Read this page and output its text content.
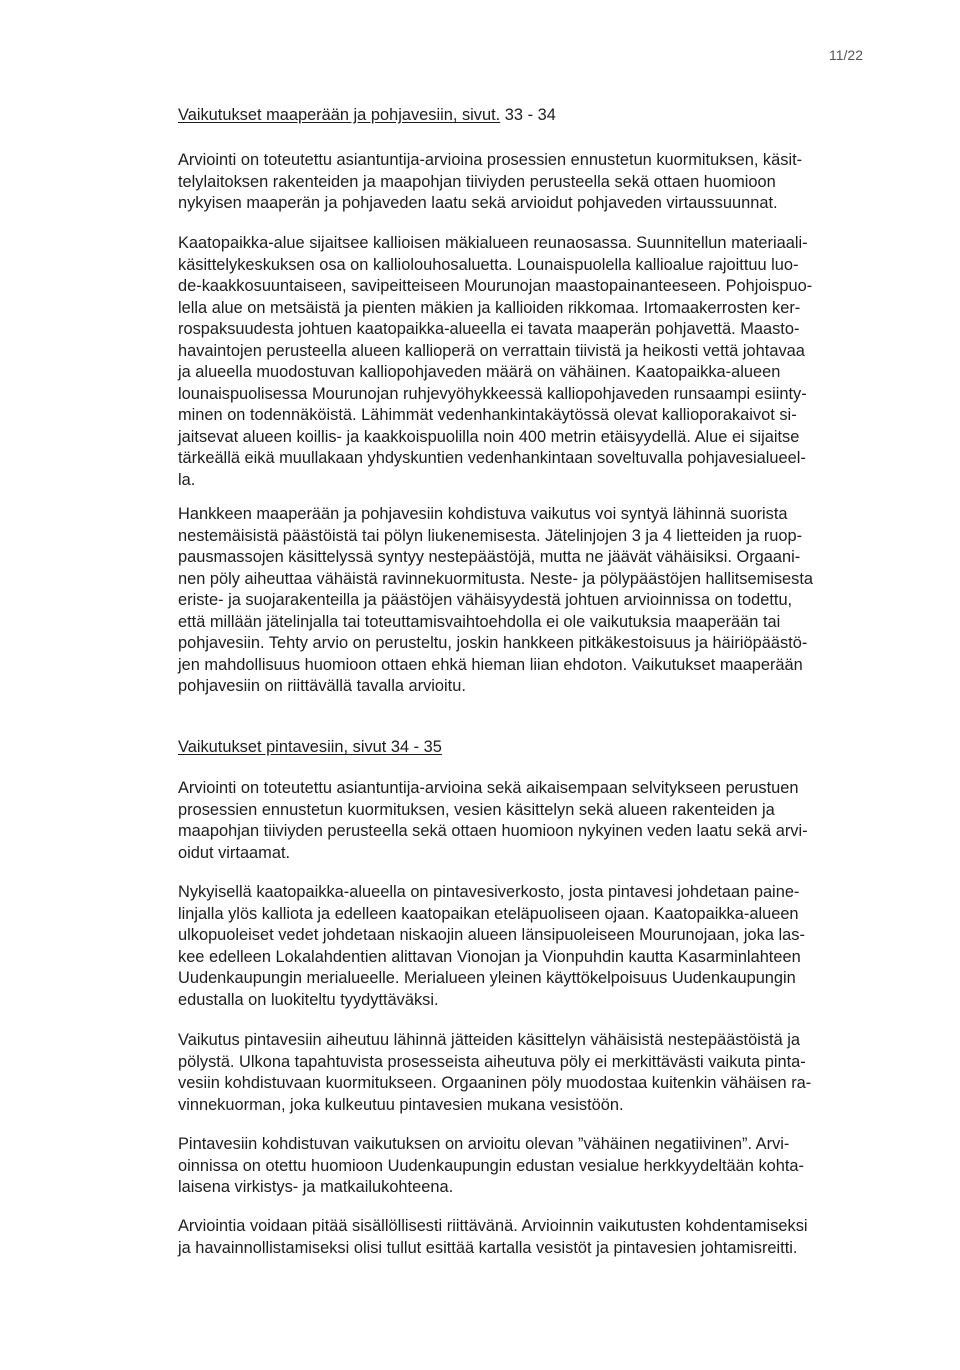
11/22

Vaikutukset maaperään ja pohjavesiin, sivut. 33 - 34

Arviointi on toteutettu asiantuntija-arvioina prosessien ennustetun kuormituksen, käsit-
telylaitoksen rakenteiden ja maapohjan tiiviyden perusteella sekä ottaen huomioon
nykyisen maaperän ja pohjaveden laatu sekä arvioidut pohjaveden virtaussuunnat.

Kaatopaikka-alue sijaitsee kallioisen mäkialueen reunaosassa. Suunnitellun materiaali-
käsittelykeskuksen osa on kalliolouhosaluetta. Lounaispuolella kallioalue rajoittuu luo-
de-kaakkosuuntaiseen, savipeitteiseen Mourunojan maastopainanteeseen. Pohjoispuo-
lella alue on metsäistä ja pienten mäkien ja kallioiden rikkomaa. Irtomaakerrosten ker-
rospaksuudesta johtuen kaatopaikka-alueella ei tavata maaperän pohjavettä. Maasto-
havaintojen perusteella alueen kallioperä on verrattain tiivistä ja heikosti vettä johtavaa
ja alueella muodostuvan kalliopohjaveden määrä on vähäinen. Kaatopaikka-alueen
lounaispuolisessa Mourunojan ruhjevyöhykkeessä kalliopohjaveden runsaampi esiinty-
minen on todennäköistä. Lähimmät vedenhankintakäytössä olevat kallioporakaivot si-
jaitsevat alueen koillis- ja kaakkoispuolilla noin 400 metrin etäisyydellä. Alue ei sijaitse
tärkeällä eikä muullakaan yhdyskuntien vedenhankintaan soveltuvalla pohjavesialueel-
la.

Hankkeen maaperään ja pohjavesiin kohdistuva vaikutus voi syntyä lähinnä suorista
nestemäisistä päästöistä tai pölyn liukenemisesta. Jätelinjojen 3 ja 4 lietteiden ja ruop-
pausmassojen käsittelyssä syntyy nestepäästöjä, mutta ne jäävät vähäisiksi. Orgaani-
nen pöly aiheuttaa vähäistä ravinnekuormitusta. Neste- ja pölypäästöjen hallitsemisesta
eriste- ja suojarakenteilla ja päästöjen vähäisyydestä johtuen arvioinnissa on todettu,
että millään jätelinjalla tai toteuttamisvaihtoehdolla ei ole vaikutuksia maaperään tai
pohjavesiin. Tehty arvio on perusteltu, joskin hankkeen pitkäkestoisuus ja häiriöpäästö-
jen mahdollisuus huomioon ottaen ehkä hieman liian ehdoton. Vaikutukset maaperään
pohjavesiin on riittävällä tavalla arvioitu.

Vaikutukset pintavesiin, sivut 34 - 35

Arviointi on toteutettu asiantuntija-arvioina sekä aikaisempaan selvitykseen perustuen
prosessien ennustetun kuormituksen, vesien käsittelyn sekä alueen rakenteiden ja
maapohjan tiiviyden perusteella sekä ottaen huomioon nykyinen veden laatu sekä arvi-
oidut virtaamat.

Nykyisellä kaatopaikka-alueella on pintavesiverkosto, josta pintavesi johdetaan paine-
linjalla ylös kalliota ja edelleen kaatopaikan eteläpuoliseen ojaan. Kaatopaikka-alueen
ulkopuoleiset vedet johdetaan niskaojin alueen länsipuoleiseen Mourunojaan, joka las-
kee edelleen Lokalahdentien alittavan Vionojan ja Vionpuhdin kautta Kasarminlahteen
Uudenkaupungin merialueelle. Merialueen yleinen käyttökelpoisuus Uudenkaupungin
edustalla on luokiteltu tyydyttäväksi.

Vaikutus pintavesiin aiheutuu lähinnä jätteiden käsittelyn vähäisistä nestepäästöistä ja
pölystä. Ulkona tapahtuvista prosesseista aiheutuva pöly ei merkittävästi vaikuta pinta-
vesiin kohdistuvaan kuormitukseen. Orgaaninen pöly muodostaa kuitenkin vähäisen ra-
vinnekuorman, joka kulkeutuu pintavesien mukana vesistöön.

Pintavesiin kohdistuvan vaikutuksen on arvioitu olevan ”vähäinen negatiivinen”. Arvi-
oinnissa on otettu huomioon Uudenkaupungin edustan vesialue herkkyydeltään kohta-
laisena virkistys- ja matkailukohteena.

Arviointia voidaan pitää sisällöllisesti riittävänä. Arvioinnin vaikutusten kohdentamiseksi
ja havainnollistamiseksi olisi tullut esittää kartalla vesistöt ja pintavesien johtamisreitti.
